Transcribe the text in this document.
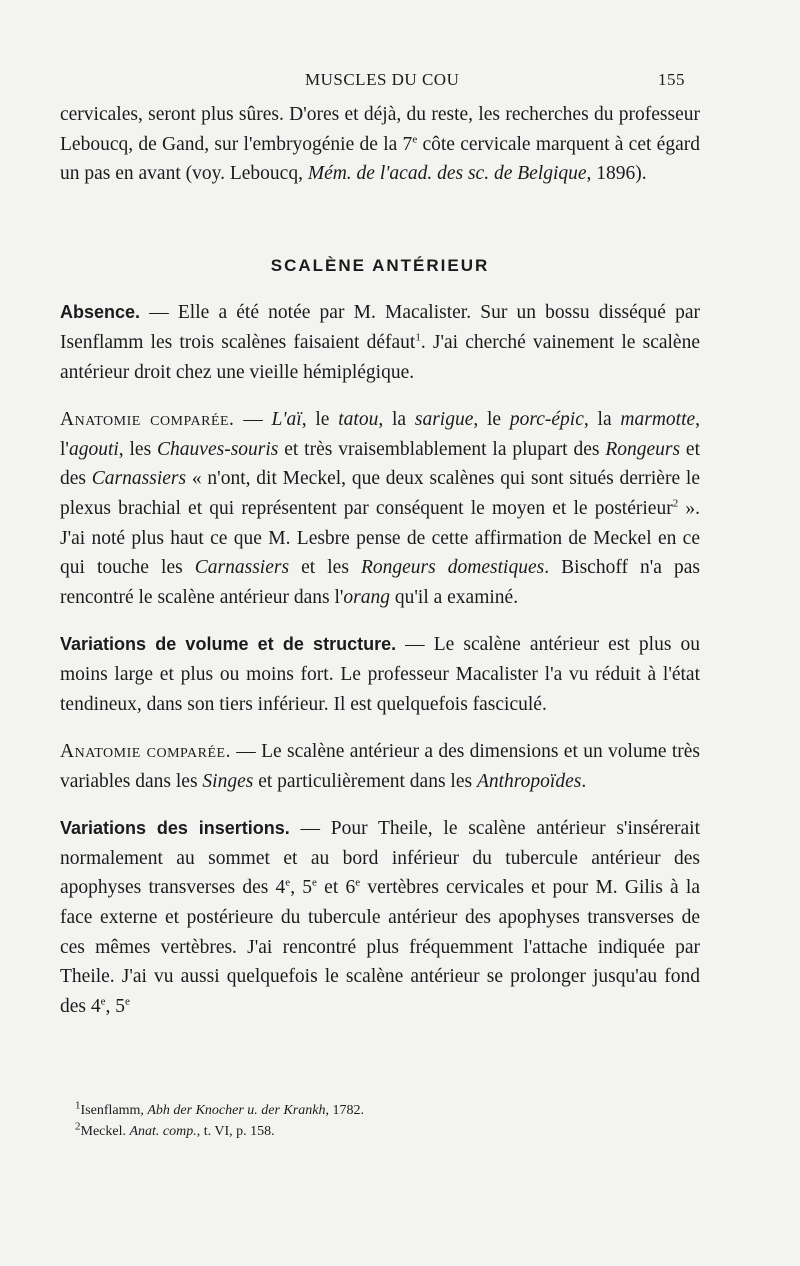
MUSCLES DU COU	155

cervicales, seront plus sûres. D'ores et déjà, du reste, les recherches du professeur Leboucq, de Gand, sur l'embryogénie de la 7e côte cervicale marquent à cet égard un pas en avant (voy. Leboucq, Mém. de l'acad. des sc. de Belgique, 1896).

SCALÈNE ANTÉRIEUR

Absence. — Elle a été notée par M. Macalister. Sur un bossu disséqué par Isenflamm les trois scalènes faisaient défaut$^1$. J'ai cherché vainement le scalène antérieur droit chez une vieille hémiplégique.

Anatomie comparée. — L'aï, le tatou, la sarigue, le porc-épic, la marmotte, l'agouti, les Chauves-souris et très vraisemblablement la plupart des Rongeurs et des Carnassiers « n'ont, dit Meckel, que deux scalènes qui sont situés derrière le plexus brachial et qui représentent par conséquent le moyen et le postérieur$^2$ ». J'ai noté plus haut ce que M. Lesbre pense de cette affirmation de Meckel en ce qui touche les Carnassiers et les Rongeurs domestiques. Bischoff n'a pas rencontré le scalène antérieur dans l'orang qu'il a examiné.

Variations de volume et de structure. — Le scalène antérieur est plus ou moins large et plus ou moins fort. Le professeur Macalister l'a vu réduit à l'état tendineux, dans son tiers inférieur. Il est quelquefois fasciculé.

Anatomie comparée. — Le scalène antérieur a des dimensions et un volume très variables dans les Singes et particulièrement dans les Anthropoïdes.

Variations des insertions. — Pour Theile, le scalène antérieur s'insérerait normalement au sommet et au bord inférieur du tubercule antérieur des apophyses transverses des 4e, 5e et 6e vertèbres cervicales et pour M. Gilis à la face externe et postérieure du tubercule antérieur des apophyses transverses de ces mêmes vertèbres. J'ai rencontré plus fréquemment l'attache indiquée par Theile. J'ai vu aussi quelquefois le scalène antérieur se prolonger jusqu'au fond des 4e, 5e

$^1$Isenflamm, Abh der Knocher u. der Krankh, 1782.
$^2$Meckel. Anat. comp., t. VI, p. 158.
